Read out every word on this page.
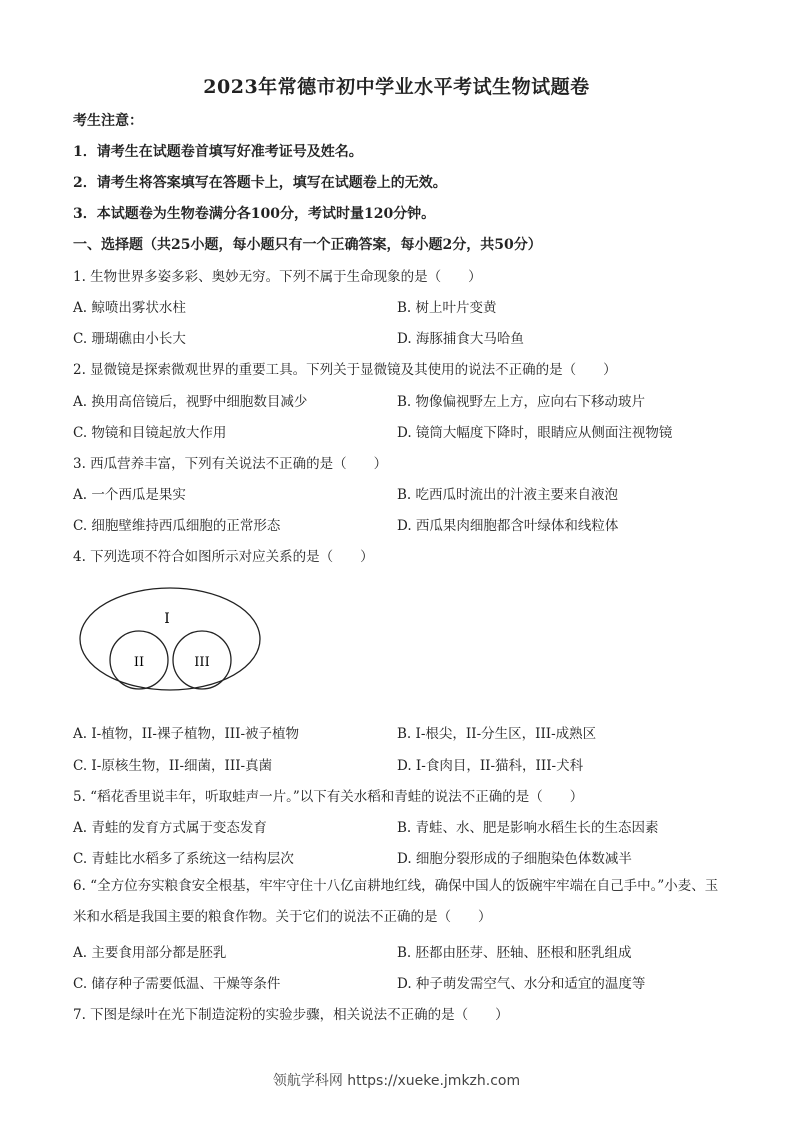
2023年常德市初中学业水平考试生物试题卷
考生注意：
1．请考生在试题卷首填写好准考证号及姓名。
2．请考生将答案填写在答题卡上，填写在试题卷上的无效。
3．本试题卷为生物卷满分各100分，考试时量120分钟。
一、选择题（共25小题，每小题只有一个正确答案，每小题2分，共50分）
1. 生物世界多姿多彩、奥妙无穷。下列不属于生命现象的是（　　）
A. 鲸喷出雾状水柱	B. 树上叶片变黄
C. 珊瑚礁由小长大	D. 海豚捕食大马哈鱼
2. 显微镜是探索微观世界的重要工具。下列关于显微镜及其使用的说法不正确的是（　　）
A. 换用高倍镜后，视野中细胞数目减少	B. 物像偏视野左上方，应向右下移动玻片
C. 物镜和目镜起放大作用	D. 镜筒大幅度下降时，眼睛应从侧面注视物镜
3. 西瓜营养丰富，下列有关说法不正确的是（　　）
A. 一个西瓜是果实	B. 吃西瓜时流出的汁液主要来自液泡
C. 细胞壁维持西瓜细胞的正常形态	D. 西瓜果肉细胞都含叶绿体和线粒体
4. 下列选项不符合如图所示对应关系的是（　　）
I
II	III
A. I-植物，II-裸子植物，III-被子植物	B. I-根尖，II-分生区，III-成熟区
C. I-原核生物，II-细菌，III-真菌	D. I-食肉目，II-猫科，III-犬科
5. “稻花香里说丰年，听取蛙声一片。”以下有关水稻和青蛙的说法不正确的是（　　）
A. 青蛙的发育方式属于变态发育	B. 青蛙、水、肥是影响水稻生长的生态因素
C. 青蛙比水稻多了系统这一结构层次	D. 细胞分裂形成的子细胞染色体数减半
6. “全方位夯实粮食安全根基，牢牢守住十八亿亩耕地红线，确保中国人的饭碗牢牢端在自己手中。”小麦、玉米和水稻是我国主要的粮食作物。关于它们的说法不正确的是（　　）
A. 主要食用部分都是胚乳	B. 胚都由胚芽、胚轴、胚根和胚乳组成
C. 储存种子需要低温、干燥等条件	D. 种子萌发需空气、水分和适宜的温度等
7. 下图是绿叶在光下制造淀粉的实验步骤，相关说法不正确的是（　　）
领航学科网 https://xueke.jmkzh.com
